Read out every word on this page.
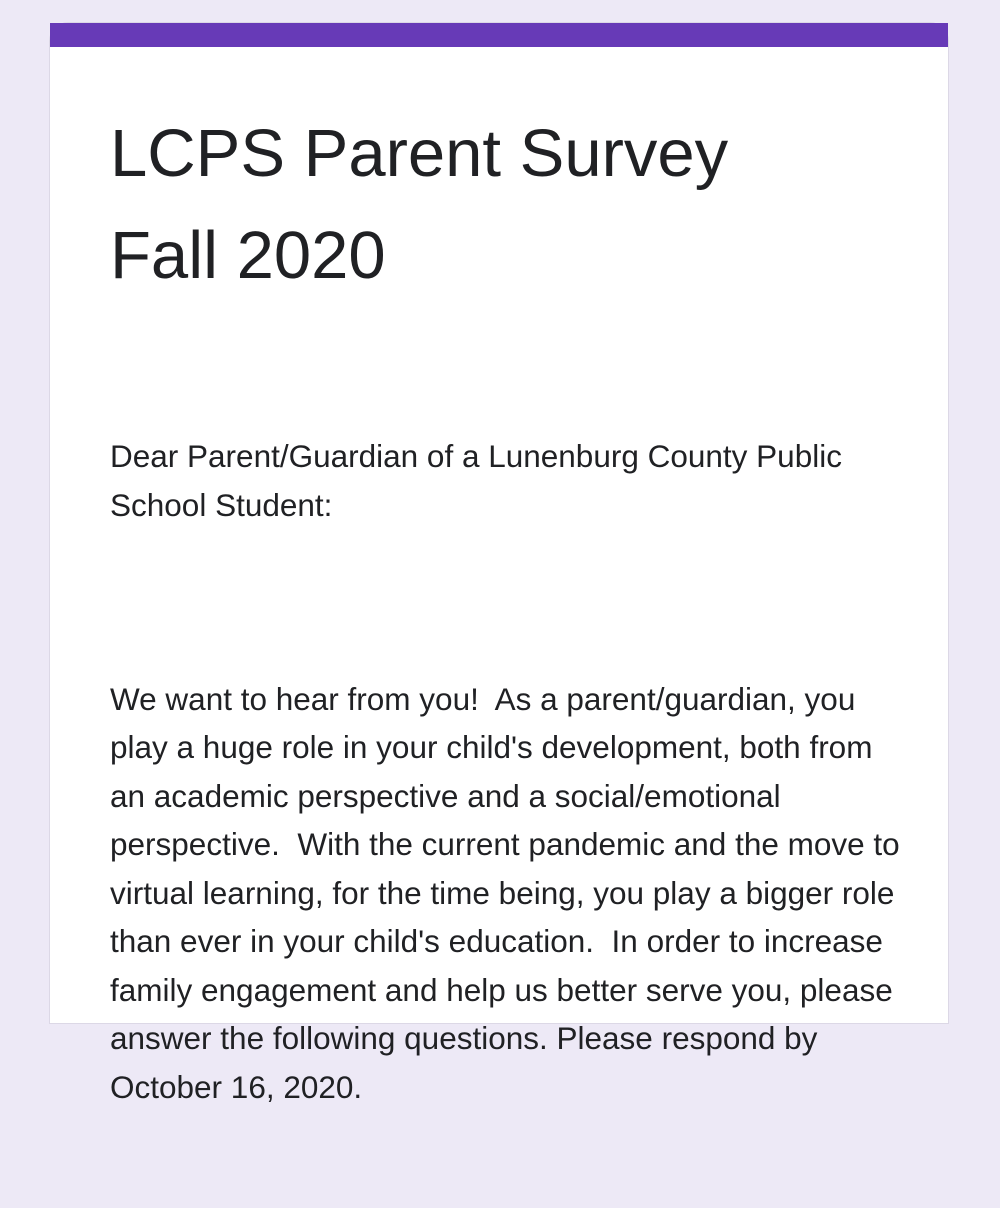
LCPS Parent Survey
Fall 2020

Dear Parent/Guardian of a Lunenburg County Public School Student:

We want to hear from you!  As a parent/guardian, you play a huge role in your child's development, both from an academic perspective and a social/emotional perspective.  With the current pandemic and the move to virtual learning, for the time being, you play a bigger role than ever in your child's education.  In order to increase family engagement and help us better serve you, please answer the following questions. Please respond by October 16, 2020.
